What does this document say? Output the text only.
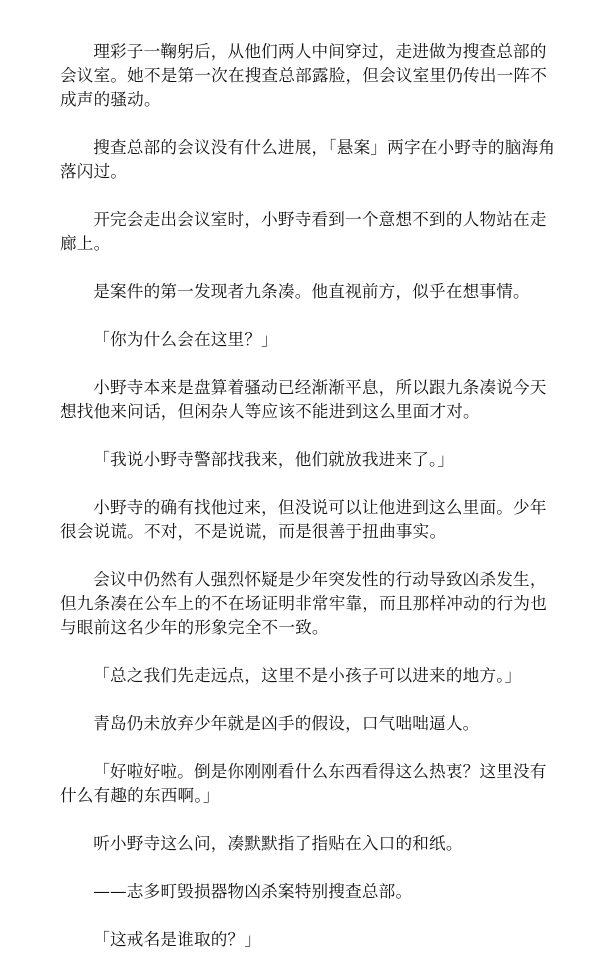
理彩子一鞠躬后，从他们两人中间穿过，走进做为搜查总部的会议室。她不是第一次在搜查总部露脸，但会议室里仍传出一阵不成声的骚动。

搜查总部的会议没有什么进展，「悬案」两字在小野寺的脑海角落闪过。

开完会走出会议室时，小野寺看到一个意想不到的人物站在走廊上。

是案件的第一发现者九条凑。他直视前方，似乎在想事情。

「你为什么会在这里？」

小野寺本来是盘算着骚动已经渐渐平息，所以跟九条凑说今天想找他来问话，但闲杂人等应该不能进到这么里面才对。

「我说小野寺警部找我来，他们就放我进来了。」

小野寺的确有找他过来，但没说可以让他进到这么里面。少年很会说谎。不对，不是说谎，而是很善于扭曲事实。

会议中仍然有人强烈怀疑是少年突发性的行动导致凶杀发生，但九条凑在公车上的不在场证明非常牢靠，而且那样冲动的行为也与眼前这名少年的形象完全不一致。

「总之我们先走远点，这里不是小孩子可以进来的地方。」

青岛仍未放弃少年就是凶手的假设，口气咄咄逼人。

「好啦好啦。倒是你刚刚看什么东西看得这么热衷？这里没有什么有趣的东西啊。」

听小野寺这么问，凑默默指了指贴在入口的和纸。

——志多町毁损器物凶杀案特别搜查总部。

「这戒名是谁取的？」
